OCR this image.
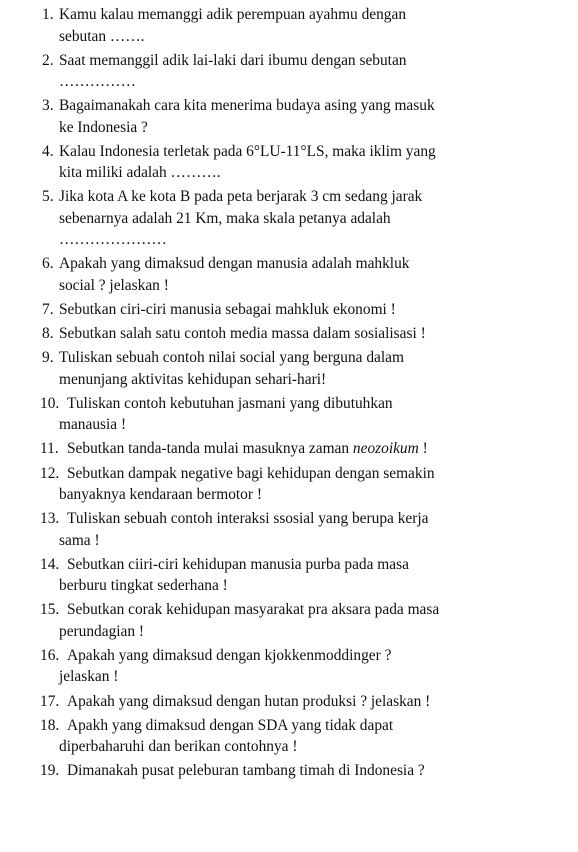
1. Kamu kalau memanggi adik perempuan ayahmu dengan
sebutan …….
2. Saat memanggil adik lai-laki dari ibumu dengan sebutan
……………
3. Bagaimanakah cara kita menerima budaya asing yang masuk
ke Indonesia ?
4. Kalau Indonesia terletak pada 6°LU-11°LS, maka iklim yang
kita miliki adalah ……….
5. Jika kota A ke kota B pada peta berjarak 3 cm sedang jarak
sebenarnya adalah 21 Km, maka skala petanya adalah
…………………
6. Apakah yang dimaksud dengan manusia adalah mahkluk
social ? jelaskan !
7. Sebutkan ciri-ciri manusia sebagai mahkluk ekonomi !
8. Sebutkan salah satu contoh media massa dalam sosialisasi !
9. Tuliskan sebuah contoh nilai social yang berguna dalam
menunjang aktivitas kehidupan sehari-hari!
10. Tuliskan contoh kebutuhan jasmani yang dibutuhkan
manausia !
11. Sebutkan tanda-tanda mulai masuknya zaman neozoikum !
12. Sebutkan dampak negative bagi kehidupan dengan semakin
banyaknya kendaraan bermotor !
13. Tuliskan sebuah contoh interaksi ssosial yang berupa kerja
sama !
14. Sebutkan ciiri-ciri kehidupan manusia purba pada masa
berburu tingkat sederhana !
15. Sebutkan corak kehidupan masyarakat pra aksara pada masa
perundagian !
16. Apakah yang dimaksud dengan kjokkenmoddinger ?
jelaskan !
17. Apakah yang dimaksud dengan hutan produksi ? jelaskan !
18. Apakh yang dimaksud dengan SDA yang tidak dapat
diperbaharuhi dan berikan contohnya !
19. Dimanakah pusat peleburan tambang timah di Indonesia ?
